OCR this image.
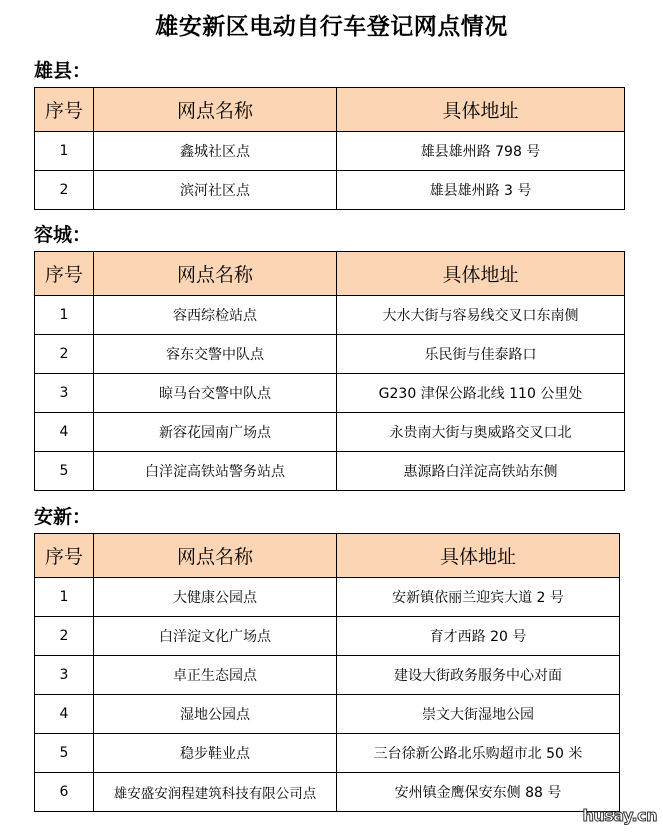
雄安新区电动自行车登记网点情况
雄县：
序号	网点名称	具体地址
1	鑫城社区点	雄县雄州路 798 号
2	滨河社区点	雄县雄州路 3 号
容城：
序号	网点名称	具体地址
1	容西综检站点	大水大街与容易线交叉口东南侧
2	容东交警中队点	乐民街与佳泰路口
3	晾马台交警中队点	G230 津保公路北线 110 公里处
4	新容花园南广场点	永贵南大街与奥威路交叉口北
5	白洋淀高铁站警务站点	惠源路白洋淀高铁站东侧
安新：
序号	网点名称	具体地址
1	大健康公园点	安新镇依丽兰迎宾大道 2 号
2	白洋淀文化广场点	育才西路 20 号
3	卓正生态园点	建设大街政务服务中心对面
4	湿地公园点	崇文大街湿地公园
5	稳步鞋业点	三台徐新公路北乐购超市北 50 米
6	雄安盛安润程建筑科技有限公司点	安州镇金鹰保安东侧 88 号
husay.cn
